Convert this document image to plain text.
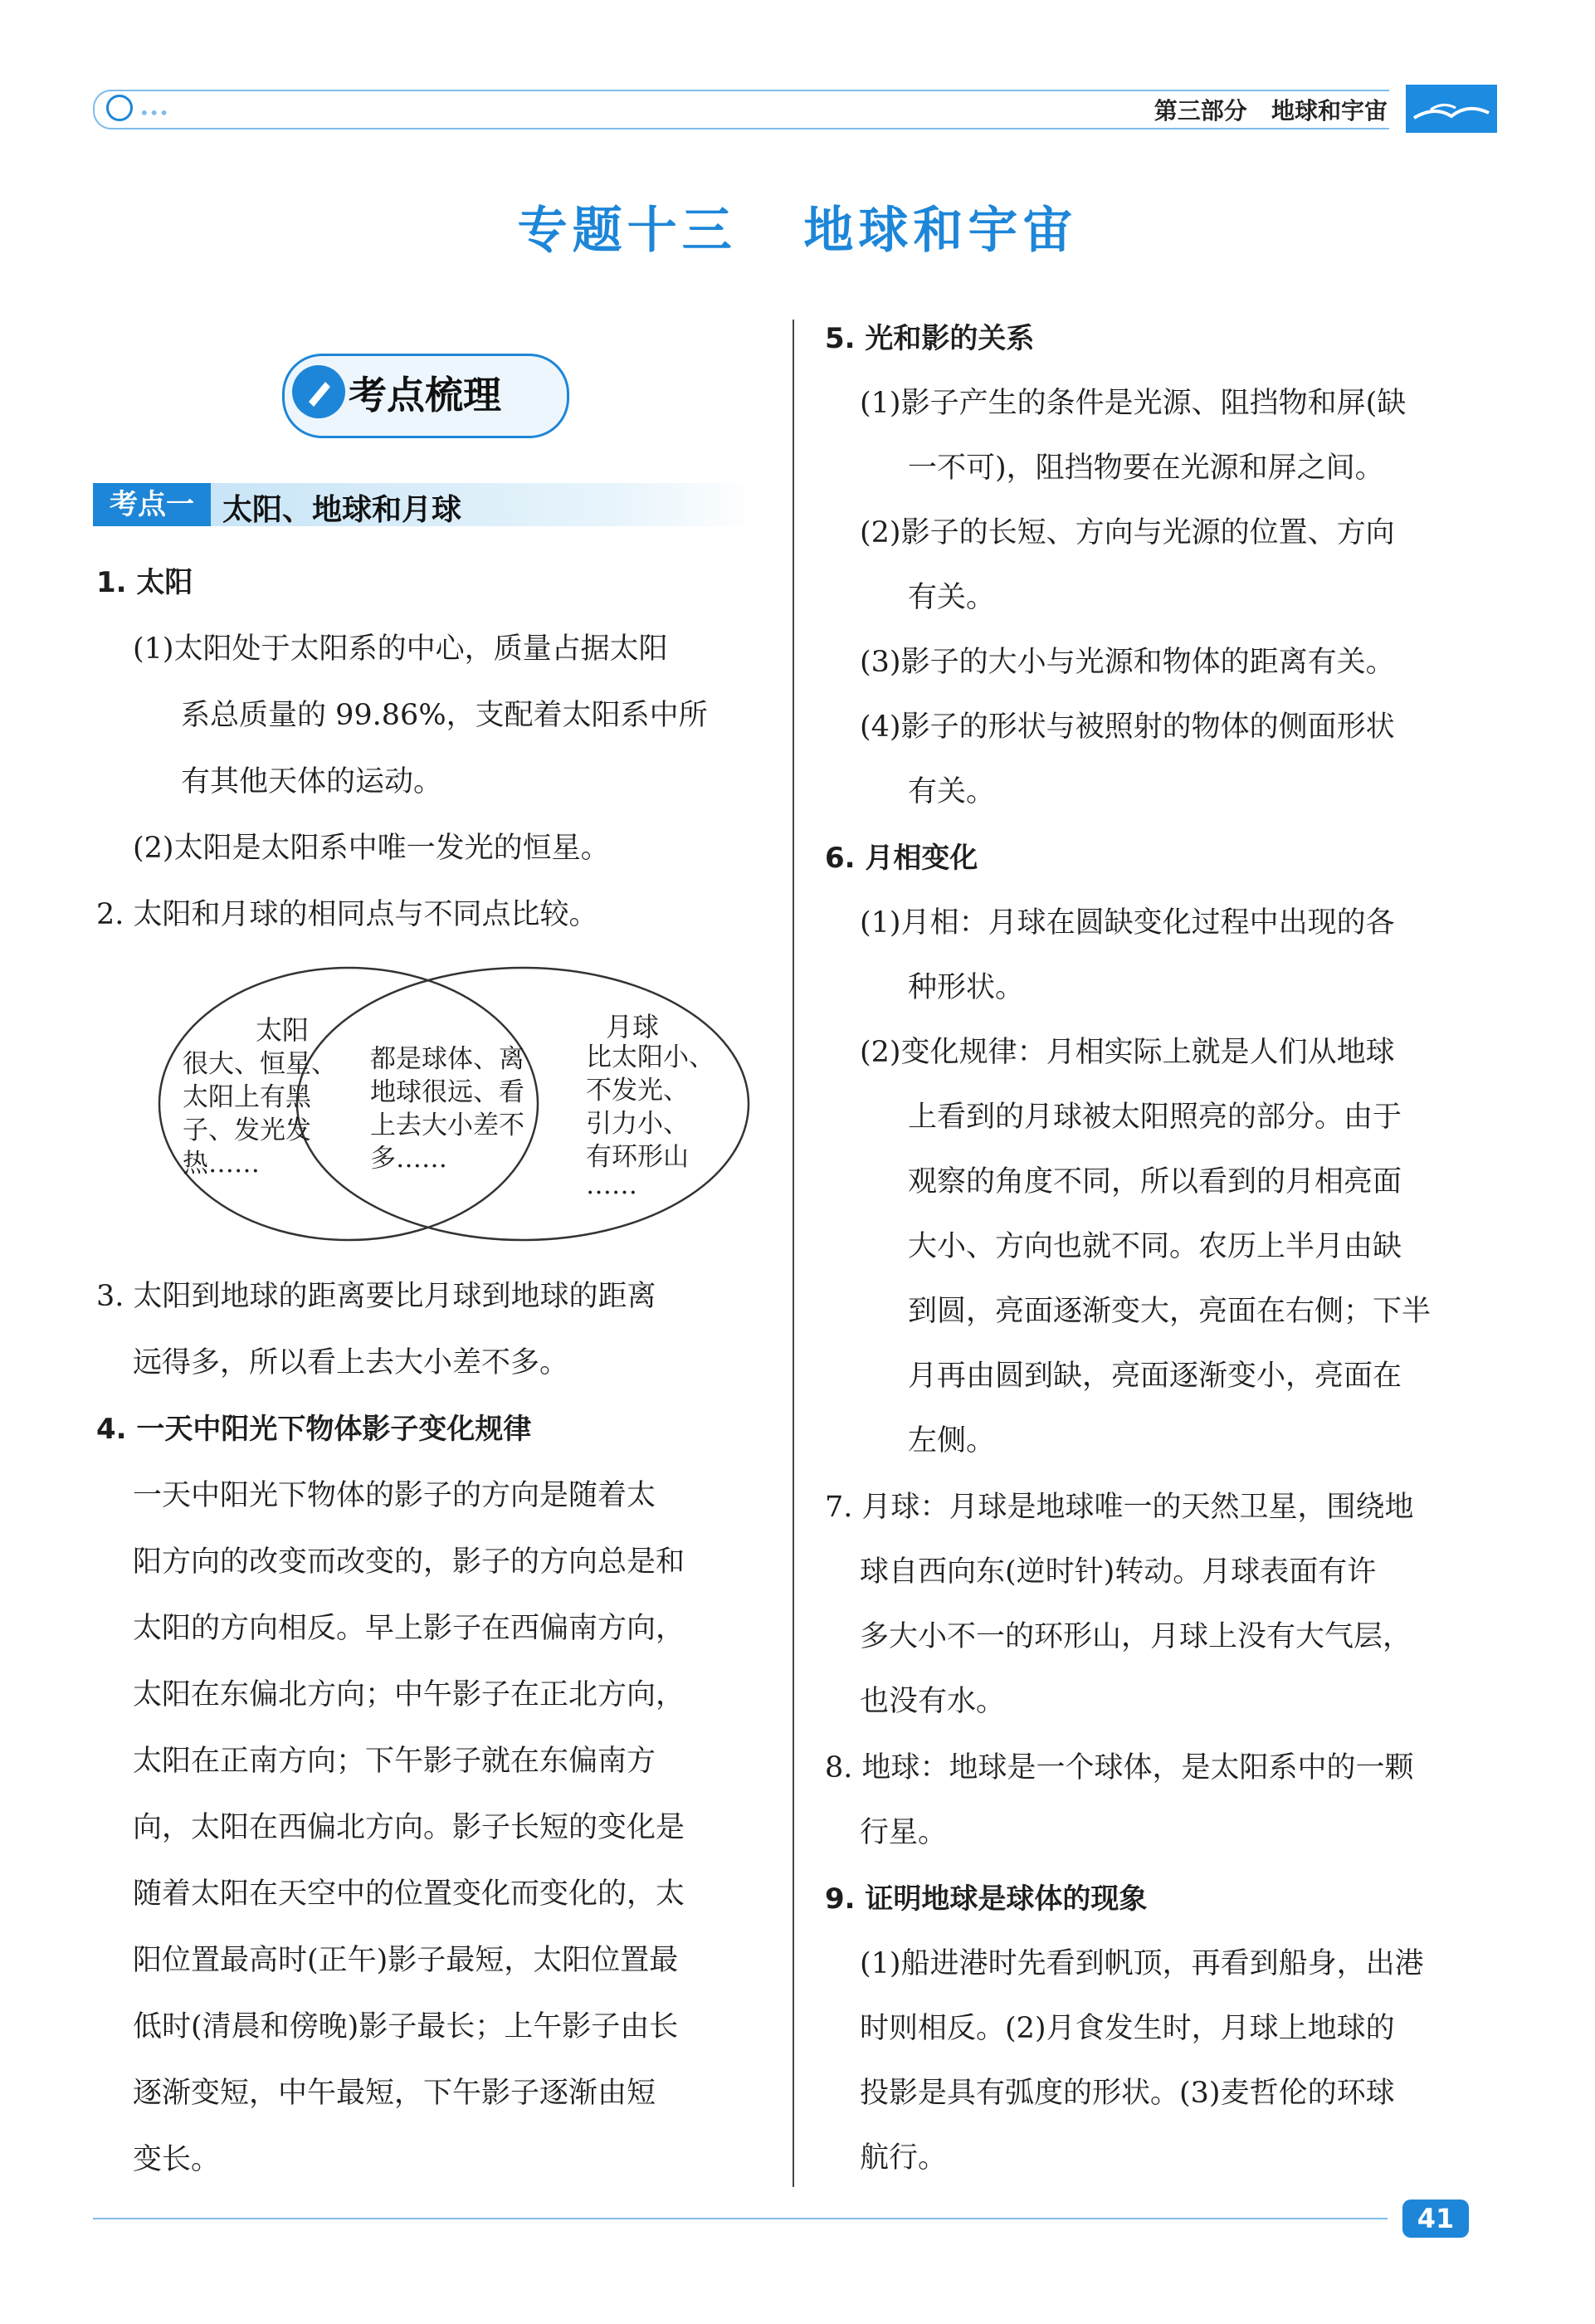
•••	第三部分   地球和宇宙
专题十三   地球和宇宙
考点梳理
考点一 太阳、地球和月球
1. 太阳
(1)太阳处于太阳系的中心，质量占据太阳
系总质量的 99.86%，支配着太阳系中所
有其他天体的运动。
(2)太阳是太阳系中唯一发光的恒星。
2. 太阳和月球的相同点与不同点比较。
太阳
很大、恒星、
太阳上有黑
子、发光发
热……
都是球体、离
地球很远、看
上去大小差不
多……
月球
比太阳小、
不发光、
引力小、
有环形山
……
3. 太阳到地球的距离要比月球到地球的距离
远得多，所以看上去大小差不多。
4. 一天中阳光下物体影子变化规律
一天中阳光下物体的影子的方向是随着太
阳方向的改变而改变的，影子的方向总是和
太阳的方向相反。早上影子在西偏南方向，
太阳在东偏北方向；中午影子在正北方向，
太阳在正南方向；下午影子就在东偏南方
向，太阳在西偏北方向。影子长短的变化是
随着太阳在天空中的位置变化而变化的，太
阳位置最高时(正午)影子最短，太阳位置最
低时(清晨和傍晚)影子最长；上午影子由长
逐渐变短，中午最短，下午影子逐渐由短
变长。
5. 光和影的关系
(1)影子产生的条件是光源、阻挡物和屏(缺
一不可)，阻挡物要在光源和屏之间。
(2)影子的长短、方向与光源的位置、方向
有关。
(3)影子的大小与光源和物体的距离有关。
(4)影子的形状与被照射的物体的侧面形状
有关。
6. 月相变化
(1)月相：月球在圆缺变化过程中出现的各
种形状。
(2)变化规律：月相实际上就是人们从地球
上看到的月球被太阳照亮的部分。由于
观察的角度不同，所以看到的月相亮面
大小、方向也就不同。农历上半月由缺
到圆，亮面逐渐变大，亮面在右侧；下半
月再由圆到缺，亮面逐渐变小，亮面在
左侧。
7. 月球：月球是地球唯一的天然卫星，围绕地
球自西向东(逆时针)转动。月球表面有许
多大小不一的环形山，月球上没有大气层，
也没有水。
8. 地球：地球是一个球体，是太阳系中的一颗
行星。
9. 证明地球是球体的现象
(1)船进港时先看到帆顶，再看到船身，出港
时则相反。(2)月食发生时，月球上地球的
投影是具有弧度的形状。(3)麦哲伦的环球
航行。
41
